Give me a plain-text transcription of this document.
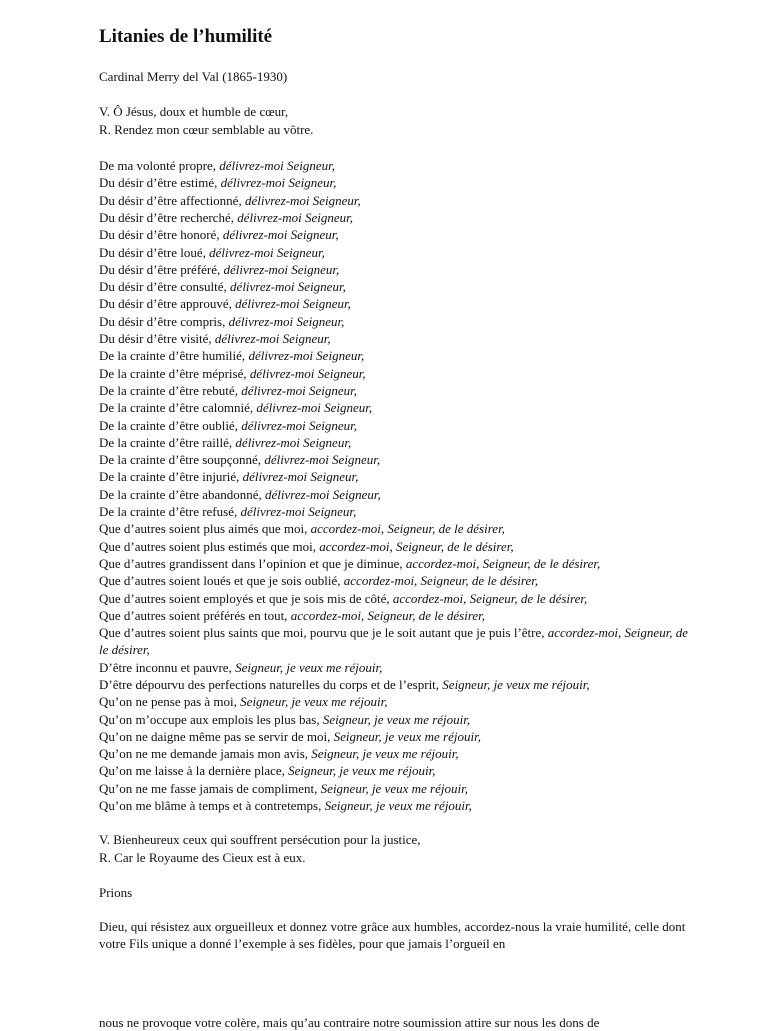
Litanies de l’humilité
Cardinal Merry del Val (1865-1930)
V. Ô Jésus, doux et humble de cœur,
R. Rendez mon cœur semblable au vôtre.
De ma volonté propre, délivrez-moi Seigneur,
Du désir d’être estimé, délivrez-moi Seigneur,
Du désir d’être affectionné, délivrez-moi Seigneur,
Du désir d’être recherché, délivrez-moi Seigneur,
Du désir d’être honoré, délivrez-moi Seigneur,
Du désir d’être loué, délivrez-moi Seigneur,
Du désir d’être préféré, délivrez-moi Seigneur,
Du désir d’être consulté, délivrez-moi Seigneur,
Du désir d’être approuvé, délivrez-moi Seigneur,
Du désir d’être compris, délivrez-moi Seigneur,
Du désir d’être visité, délivrez-moi Seigneur,
De la crainte d’être humilié, délivrez-moi Seigneur,
De la crainte d’être méprisé, délivrez-moi Seigneur,
De la crainte d’être rebuté, délivrez-moi Seigneur,
De la crainte d’être calomnié, délivrez-moi Seigneur,
De la crainte d’être oublié, délivrez-moi Seigneur,
De la crainte d’être raillé, délivrez-moi Seigneur,
De la crainte d’être soupçonné, délivrez-moi Seigneur,
De la crainte d’être injurié, délivrez-moi Seigneur,
De la crainte d’être abandonné, délivrez-moi Seigneur,
De la crainte d’être refusé, délivrez-moi Seigneur,
Que d’autres soient plus aimés que moi, accordez-moi, Seigneur, de le désirer,
Que d’autres soient plus estimés que moi, accordez-moi, Seigneur, de le désirer,
Que d’autres grandissent dans l’opinion et que je diminue, accordez-moi, Seigneur, de le désirer,
Que d’autres soient loués et que je sois oublié, accordez-moi, Seigneur, de le désirer,
Que d’autres soient employés et que je sois mis de côté, accordez-moi, Seigneur, de le désirer,
Que d’autres soient préférés en tout, accordez-moi, Seigneur, de le désirer,
Que d’autres soient plus saints que moi, pourvu que je le soit autant que je puis l’être, accordez-moi, Seigneur, de le désirer,
D’être inconnu et pauvre, Seigneur, je veux me réjouir,
D’être dépourvu des perfections naturelles du corps et de l’esprit, Seigneur, je veux me réjouir,
Qu’on ne pense pas à moi, Seigneur, je veux me réjouir,
Qu’on m’occupe aux emplois les plus bas, Seigneur, je veux me réjouir,
Qu’on ne daigne même pas se servir de moi, Seigneur, je veux me réjouir,
Qu’on ne me demande jamais mon avis, Seigneur, je veux me réjouir,
Qu’on me laisse à la dernière place, Seigneur, je veux me réjouir,
Qu’on ne me fasse jamais de compliment, Seigneur, je veux me réjouir,
Qu’on me blâme à temps et à contretemps, Seigneur, je veux me réjouir,
V. Bienheureux ceux qui souffrent persécution pour la justice,
R. Car le Royaume des Cieux est à eux.
Prions
Dieu, qui résistez aux orgueilleux et donnez votre grâce aux humbles, accordez-nous la vraie humilité, celle dont votre Fils unique a donné l’exemple à ses fidèles, pour que jamais l’orgueil en
nous ne provoque votre colère, mais qu’au contraire notre soumission attire sur nous les dons de
